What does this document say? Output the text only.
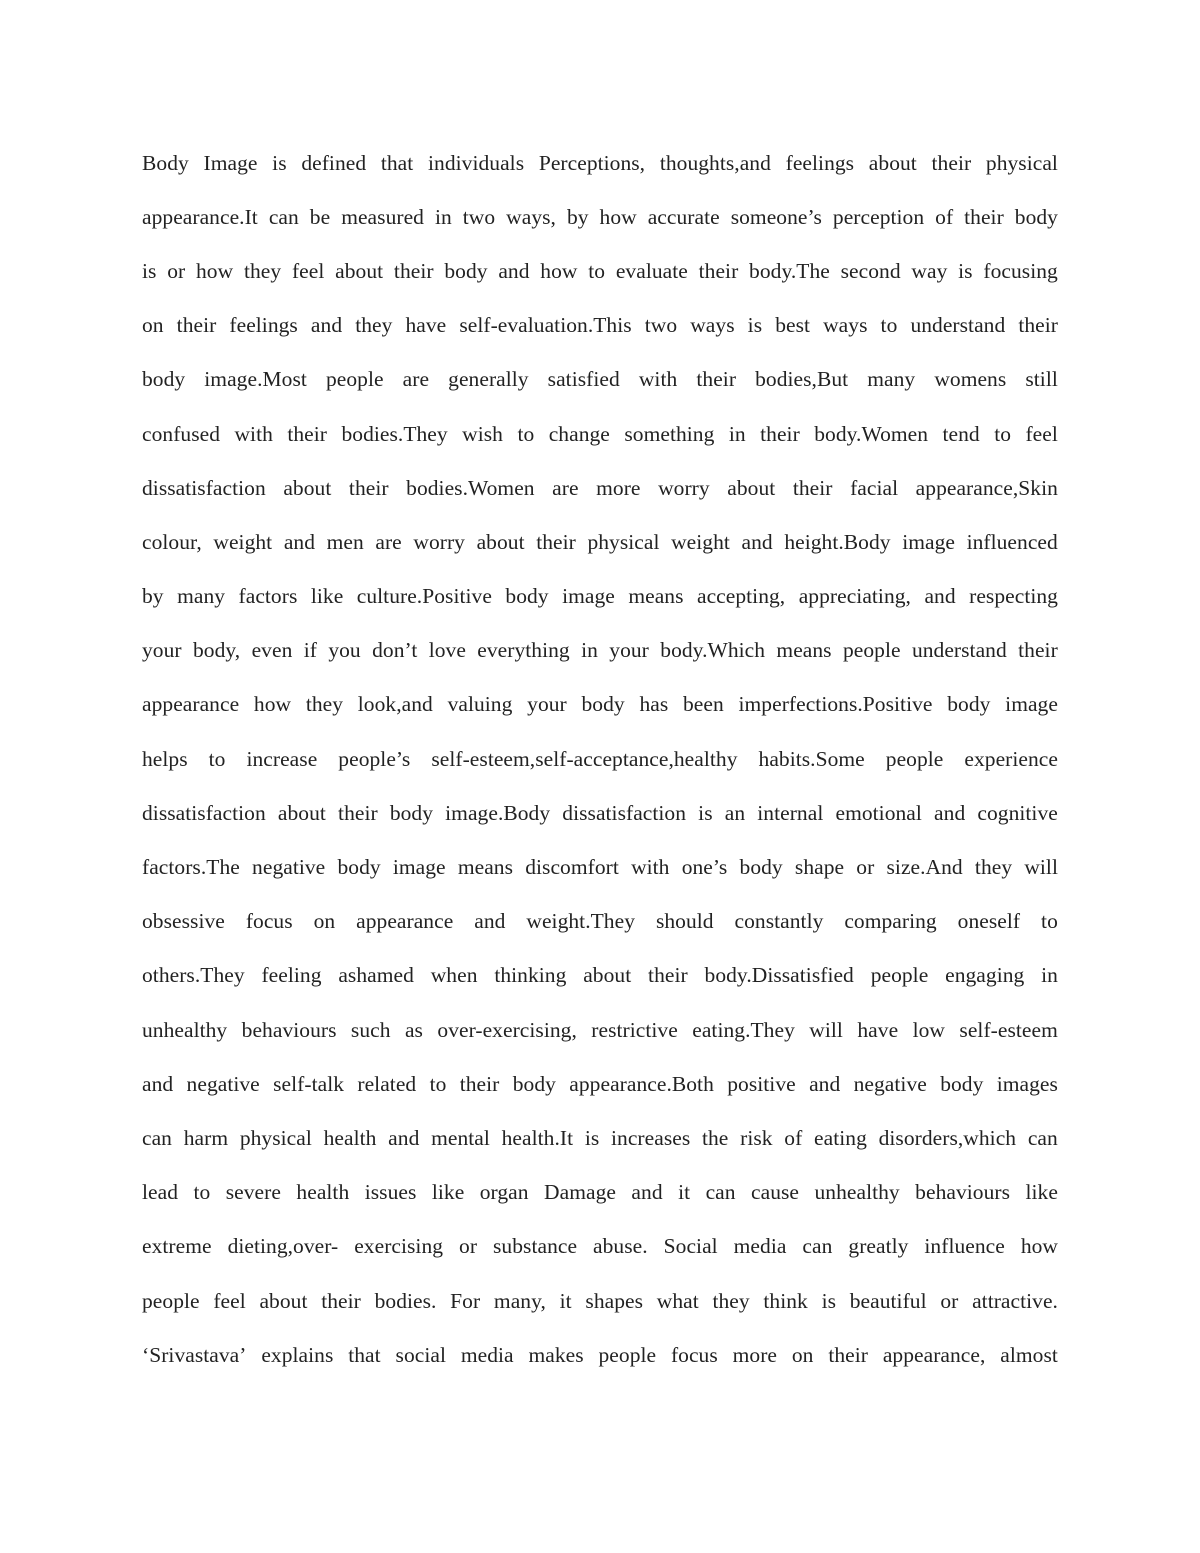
Body Image is defined that individuals Perceptions, thoughts,and feelings about their physical
appearance.It can be measured in two ways, by how accurate someone’s perception of their body
is or how they feel about their body and how to evaluate their body.The second way is focusing
on their feelings and they have self-evaluation.This two ways is best ways to understand their
body image.Most people are generally satisfied with their bodies,But many womens still
confused with their bodies.They wish to change something in their body.Women tend to feel
dissatisfaction about their bodies.Women are more worry about their facial appearance,Skin
colour, weight and men are worry about their physical weight and height.Body image influenced
by many factors like culture.Positive body image means accepting, appreciating, and respecting
your body, even if you don’t love everything in your body.Which means people understand their
appearance how they look,and valuing your body has been imperfections.Positive body image
helps to increase people’s self-esteem,self-acceptance,healthy habits.Some people experience
dissatisfaction about their body image.Body dissatisfaction is an internal emotional and cognitive
factors.The negative body image means discomfort with one’s body shape or size.And they will
obsessive focus on appearance and weight.They should constantly comparing oneself to
others.They feeling ashamed when thinking about their body.Dissatisfied people engaging in
unhealthy behaviours such as over-exercising, restrictive eating.They will have low self-esteem
and negative self-talk related to their body appearance.Both positive and negative body images
can harm physical health and mental health.It is increases the risk of eating disorders,which can
lead to severe health issues like organ Damage and it can cause unhealthy behaviours like
extreme dieting,over- exercising or substance abuse. Social media can greatly influence how
people feel about their bodies. For many, it shapes what they think is beautiful or attractive.
‘Srivastava’ explains that social media makes people focus more on their appearance, almost
